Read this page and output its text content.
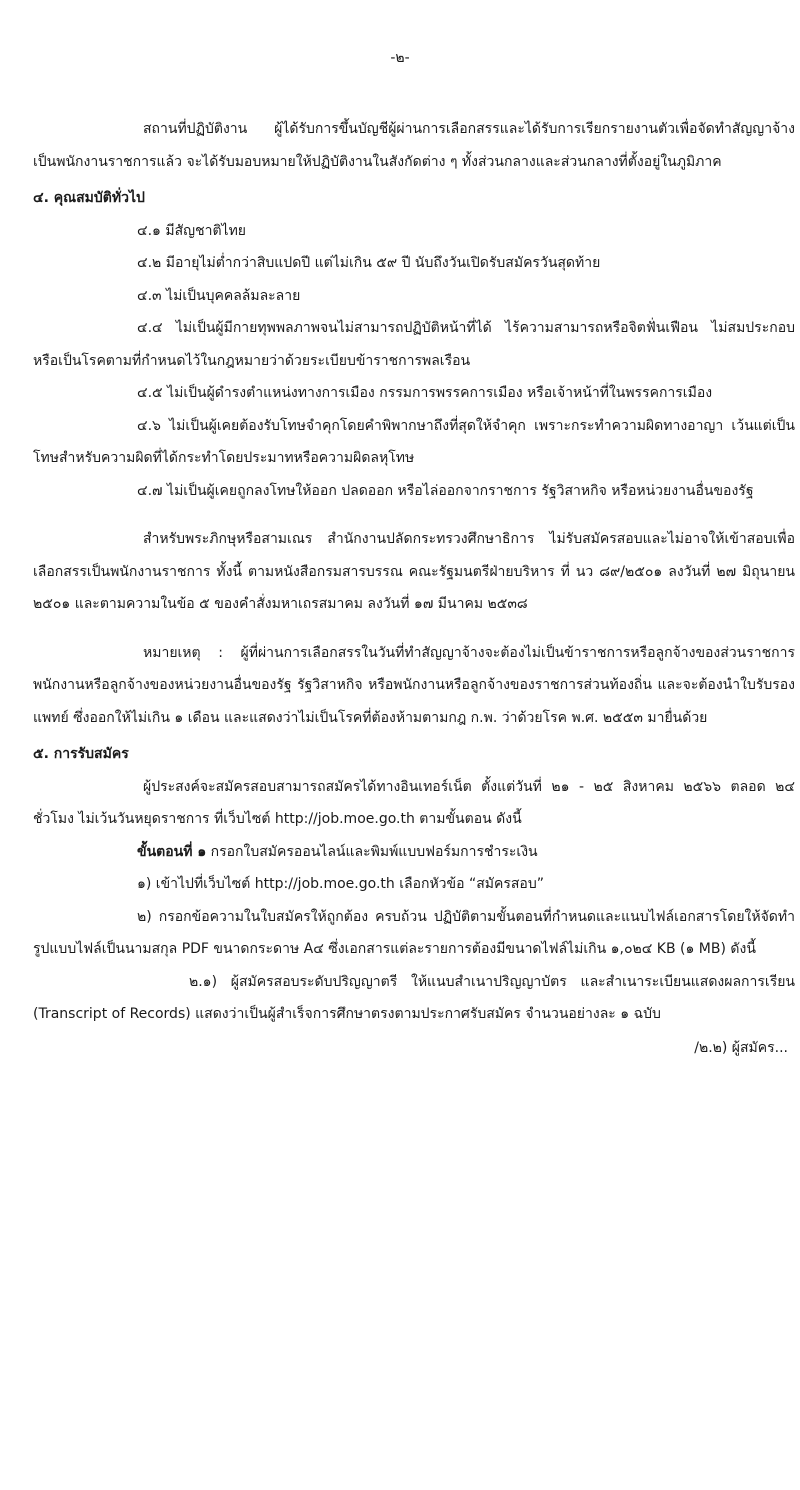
-๒-

สถานที่ปฏิบัติงาน ผู้ได้รับการขึ้นบัญชีผู้ผ่านการเลือกสรรและได้รับการเรียกรายงานตัวเพื่อจัดทำสัญญาจ้างเป็นพนักงานราชการแล้ว จะได้รับมอบหมายให้ปฏิบัติงานในสังกัดต่าง ๆ ทั้งส่วนกลางและส่วนกลางที่ตั้งอยู่ในภูมิภาค

๔. คุณสมบัติทั่วไป

๔.๑ มีสัญชาติไทย

๔.๒ มีอายุไม่ต่ำกว่าสิบแปดปี แต่ไม่เกิน ๕๙ ปี นับถึงวันเปิดรับสมัครวันสุดท้าย

๔.๓ ไม่เป็นบุคคลล้มละลาย

๔.๔ ไม่เป็นผู้มีกายทุพพลภาพจนไม่สามารถปฏิบัติหน้าที่ได้ ไร้ความสามารถหรือจิตฟั่นเฟือน ไม่สมประกอบ หรือเป็นโรคตามที่กำหนดไว้ในกฎหมายว่าด้วยระเบียบข้าราชการพลเรือน

๔.๕ ไม่เป็นผู้ดำรงตำแหน่งทางการเมือง กรรมการพรรคการเมือง หรือเจ้าหน้าที่ในพรรคการเมือง

๔.๖ ไม่เป็นผู้เคยต้องรับโทษจำคุกโดยคำพิพากษาถึงที่สุดให้จำคุก เพราะกระทำความผิดทางอาญา เว้นแต่เป็นโทษสำหรับความผิดที่ได้กระทำโดยประมาทหรือความผิดลหุโทษ

๔.๗ ไม่เป็นผู้เคยถูกลงโทษให้ออก ปลดออก หรือไล่ออกจากราชการ รัฐวิสาหกิจ หรือหน่วยงานอื่นของรัฐ

สำหรับพระภิกษุหรือสามเณร สำนักงานปลัดกระทรวงศึกษาธิการ ไม่รับสมัครสอบและไม่อาจให้เข้าสอบเพื่อเลือกสรรเป็นพนักงานราชการ ทั้งนี้ ตามหนังสือกรมสารบรรณ คณะรัฐมนตรีฝ่ายบริหาร ที่ นว ๘๙/๒๕๐๑ ลงวันที่ ๒๗ มิถุนายน ๒๕๐๑ และตามความในข้อ ๕ ของคำสั่งมหาเถรสมาคม ลงวันที่ ๑๗ มีนาคม ๒๕๓๘

หมายเหตุ : ผู้ที่ผ่านการเลือกสรรในวันที่ทำสัญญาจ้างจะต้องไม่เป็นข้าราชการหรือลูกจ้างของส่วนราชการ พนักงานหรือลูกจ้างของหน่วยงานอื่นของรัฐ รัฐวิสาหกิจ หรือพนักงานหรือลูกจ้างของราชการส่วนท้องถิ่น และจะต้องนำใบรับรองแพทย์ ซึ่งออกให้ไม่เกิน ๑ เดือน และแสดงว่าไม่เป็นโรคที่ต้องห้ามตามกฎ ก.พ. ว่าด้วยโรค พ.ศ. ๒๕๕๓ มายื่นด้วย

๕. การรับสมัคร

ผู้ประสงค์จะสมัครสอบสามารถสมัครได้ทางอินเทอร์เน็ต ตั้งแต่วันที่ ๒๑ - ๒๕ สิงหาคม ๒๕๖๖ ตลอด ๒๔ ชั่วโมง ไม่เว้นวันหยุดราชการ ที่เว็บไซต์ http://job.moe.go.th ตามขั้นตอน ดังนี้

ขั้นตอนที่ ๑ กรอกใบสมัครออนไลน์และพิมพ์แบบฟอร์มการชำระเงิน

๑) เข้าไปที่เว็บไซต์ http://job.moe.go.th เลือกหัวข้อ “สมัครสอบ”

๒) กรอกข้อความในใบสมัครให้ถูกต้อง ครบถ้วน ปฏิบัติตามขั้นตอนที่กำหนดและแนบไฟล์เอกสารโดยให้จัดทำรูปแบบไฟล์เป็นนามสกุล PDF ขนาดกระดาษ A๔ ซึ่งเอกสารแต่ละรายการต้องมีขนาดไฟล์ไม่เกิน ๑,๐๒๔ KB (๑ MB) ดังนี้

๒.๑) ผู้สมัครสอบระดับปริญญาตรี ให้แนบสำเนาปริญญาบัตร และสำเนาระเบียนแสดงผลการเรียน (Transcript of Records) แสดงว่าเป็นผู้สำเร็จการศึกษาตรงตามประกาศรับสมัคร จำนวนอย่างละ ๑ ฉบับ

/๒.๒) ผู้สมัคร...
